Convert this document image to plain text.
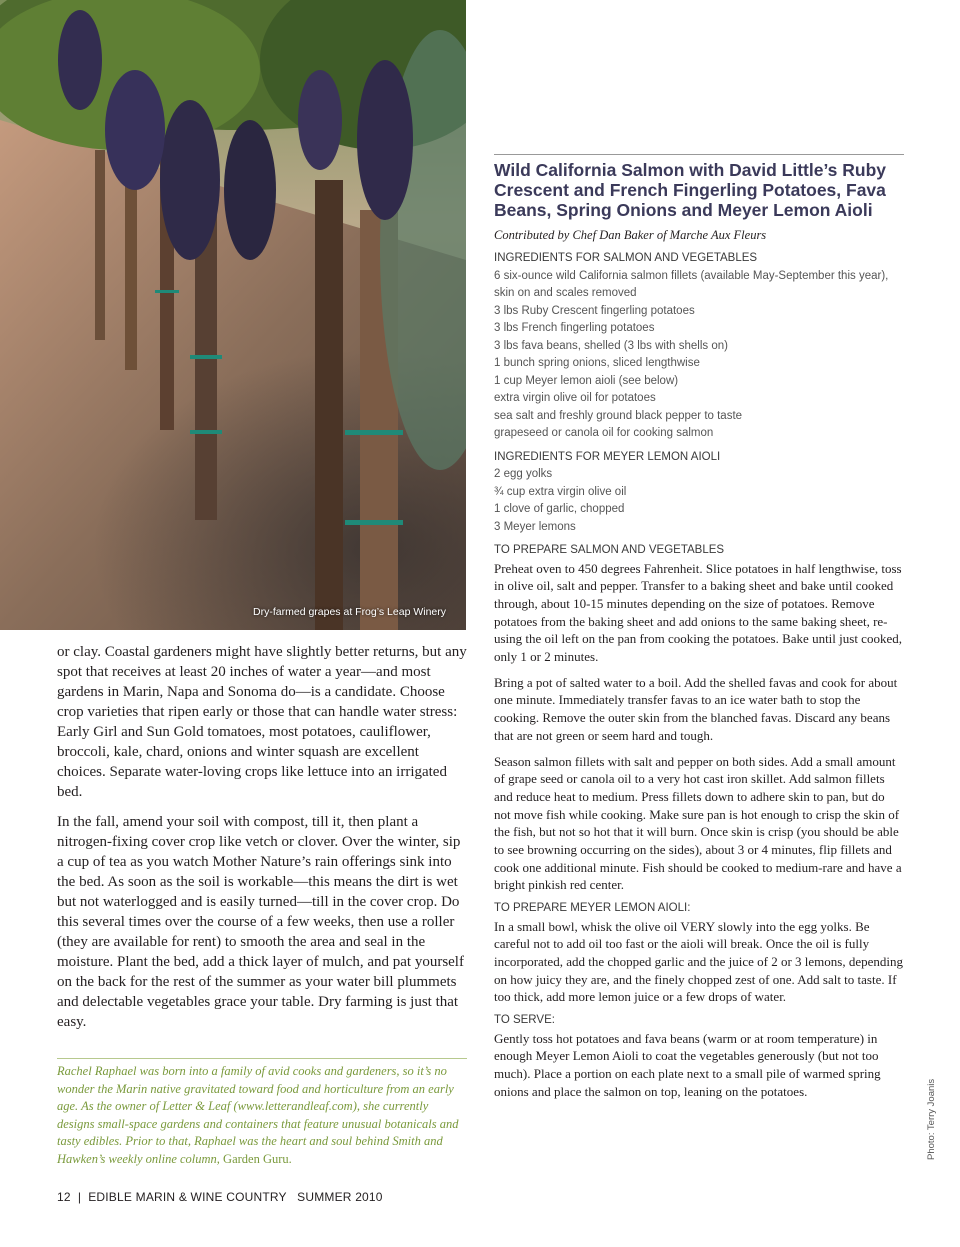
Dry-farmed grapes at Frog’s Leap Winery

or clay. Coastal gardeners might have slightly better returns, but any spot that receives at least 20 inches of water a year—and most gardens in Marin, Napa and Sonoma do—is a candidate. Choose crop varieties that ripen early or those that can handle water stress: Early Girl and Sun Gold tomatoes, most potatoes, cauliflower, broccoli, kale, chard, onions and winter squash are excellent choices. Separate water-loving crops like lettuce into an irrigated bed.

In the fall, amend your soil with compost, till it, then plant a nitrogen-fixing cover crop like vetch or clover. Over the winter, sip a cup of tea as you watch Mother Nature’s rain offerings sink into the bed. As soon as the soil is workable—this means the dirt is wet but not waterlogged and is easily turned—till in the cover crop. Do this several times over the course of a few weeks, then use a roller (they are available for rent) to smooth the area and seal in the moisture. Plant the bed, add a thick layer of mulch, and pat yourself on the back for the rest of the summer as your water bill plummets and delectable vegetables grace your table. Dry farming is just that easy.

Rachel Raphael was born into a family of avid cooks and gardeners, so it’s no wonder the Marin native gravitated toward food and horticulture from an early age. As the owner of Letter & Leaf (www.letterandleaf.com), she currently designs small-space gardens and containers that feature unusual botanicals and tasty edibles. Prior to that, Raphael was the heart and soul behind Smith and Hawken’s weekly online column, Garden Guru.
Wild California Salmon with David Little’s Ruby Crescent and French Fingerling Potatoes, Fava Beans, Spring Onions and Meyer Lemon Aioli
Contributed by Chef Dan Baker of Marche Aux Fleurs
INGREDIENTS FOR SALMON AND VEGETABLES
6 six-ounce wild California salmon fillets (available May-September this year), skin on and scales removed
3 lbs Ruby Crescent fingerling potatoes
3 lbs French fingerling potatoes
3 lbs fava beans, shelled (3 lbs with shells on)
1 bunch spring onions, sliced lengthwise
1 cup Meyer lemon aioli (see below)
extra virgin olive oil for potatoes
sea salt and freshly ground black pepper to taste
grapeseed or canola oil for cooking salmon
INGREDIENTS FOR MEYER LEMON AIOLI
2 egg yolks
¾ cup extra virgin olive oil
1 clove of garlic, chopped
3 Meyer lemons
TO PREPARE SALMON AND VEGETABLES

Preheat oven to 450 degrees Fahrenheit. Slice potatoes in half lengthwise, toss in olive oil, salt and pepper. Transfer to a baking sheet and bake until cooked through, about 10-15 minutes depending on the size of potatoes. Remove potatoes from the baking sheet and add onions to the same baking sheet, re-using the oil left on the pan from cooking the potatoes. Bake until just cooked, only 1 or 2 minutes.

Bring a pot of salted water to a boil. Add the shelled favas and cook for about one minute. Immediately transfer favas to an ice water bath to stop the cooking. Remove the outer skin from the blanched favas. Discard any beans that are not green or seem hard and tough.

Season salmon fillets with salt and pepper on both sides. Add a small amount of grape seed or canola oil to a very hot cast iron skillet. Add salmon fillets and reduce heat to medium. Press fillets down to adhere skin to pan, but do not move fish while cooking. Make sure pan is hot enough to crisp the skin of the fish, but not so hot that it will burn. Once skin is crisp (you should be able to see browning occurring on the sides), about 3 or 4 minutes, flip fillets and cook one additional minute. Fish should be cooked to medium-rare and have a bright pinkish red center.

TO PREPARE MEYER LEMON AIOLI:

In a small bowl, whisk the olive oil VERY slowly into the egg yolks. Be careful not to add oil too fast or the aioli will break. Once the oil is fully incorporated, add the chopped garlic and the juice of 2 or 3 lemons, depending on how juicy they are, and the finely chopped zest of one. Add salt to taste. If too thick, add more lemon juice or a few drops of water.

TO SERVE:

Gently toss hot potatoes and fava beans (warm or at room temperature) in enough Meyer Lemon Aioli to coat the vegetables generously (but not too much). Place a portion on each plate next to a small pile of warmed spring onions and place the salmon on top, leaning on the potatoes.

12  |  EDIBLE MARIN & WINE COUNTRY   SUMMER 2010
Photo: Terry Joanis
